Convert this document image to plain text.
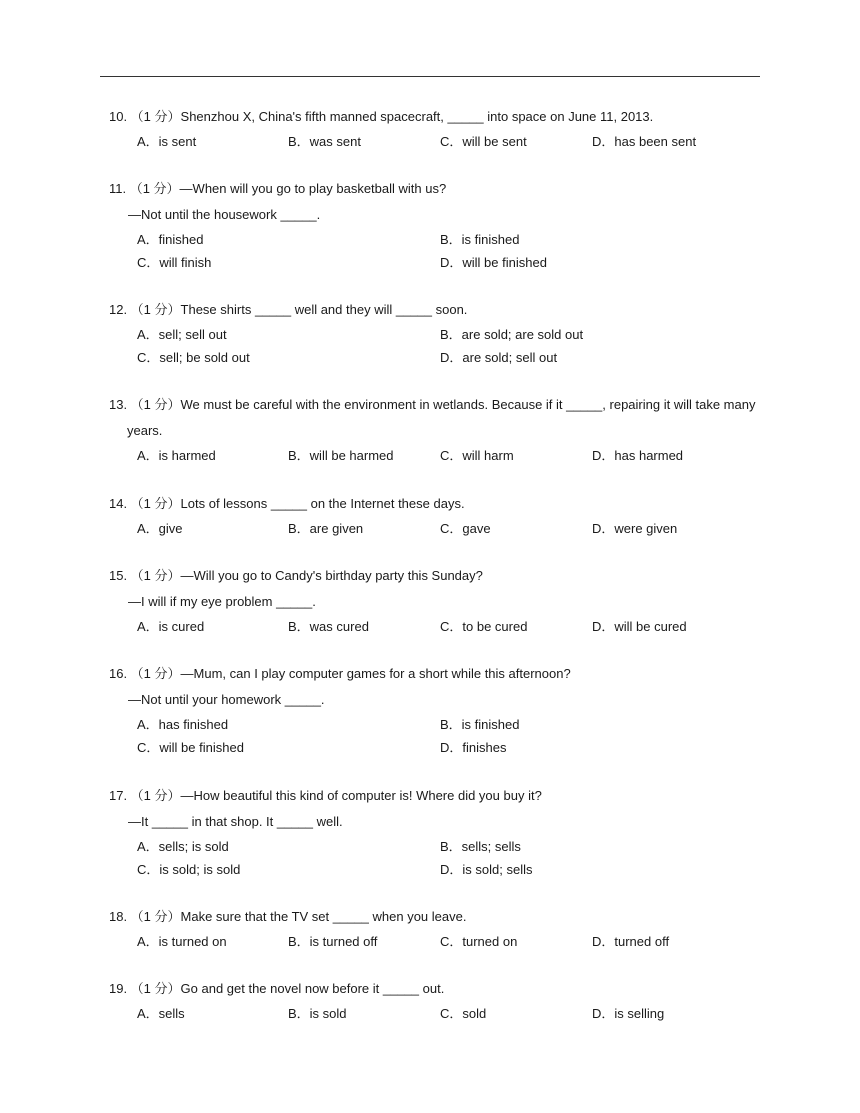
10. （1 分）Shenzhou X, China's fifth manned spacecraft, _____ into space on June 11, 2013.
A．is sent	B．was sent	C．will be sent	D．has been sent
11. （1 分）—When will you go to play basketball with us?
—Not until the housework _____.
A．finished	B．is finished
C．will finish	D．will be finished
12. （1 分）These shirts _____ well and they will _____ soon.
A．sell; sell out	B．are sold; are sold out
C．sell; be sold out	D．are sold; sell out
13. （1 分）We must be careful with the environment in wetlands. Because if it _____, repairing it will take many years.
A．is harmed	B．will be harmed	C．will harm	D．has harmed
14. （1 分）Lots of lessons _____ on the Internet these days.
A．give	B．are given	C．gave	D．were given
15. （1 分）—Will you go to Candy's birthday party this Sunday?
—I will if my eye problem _____.
A．is cured	B．was cured	C．to be cured	D．will be cured
16. （1 分）—Mum, can I play computer games for a short while this afternoon?
—Not until your homework _____.
A．has finished	B．is finished
C．will be finished	D．finishes
17. （1 分）—How beautiful this kind of computer is! Where did you buy it?
—It _____ in that shop. It _____ well.
A．sells; is sold	B．sells; sells
C．is sold; is sold	D．is sold; sells
18. （1 分）Make sure that the TV set _____ when you leave.
A．is turned on	B．is turned off	C．turned on	D．turned off
19. （1 分）Go and get the novel now before it _____ out.
A．sells	B．is sold	C．sold	D．is selling
